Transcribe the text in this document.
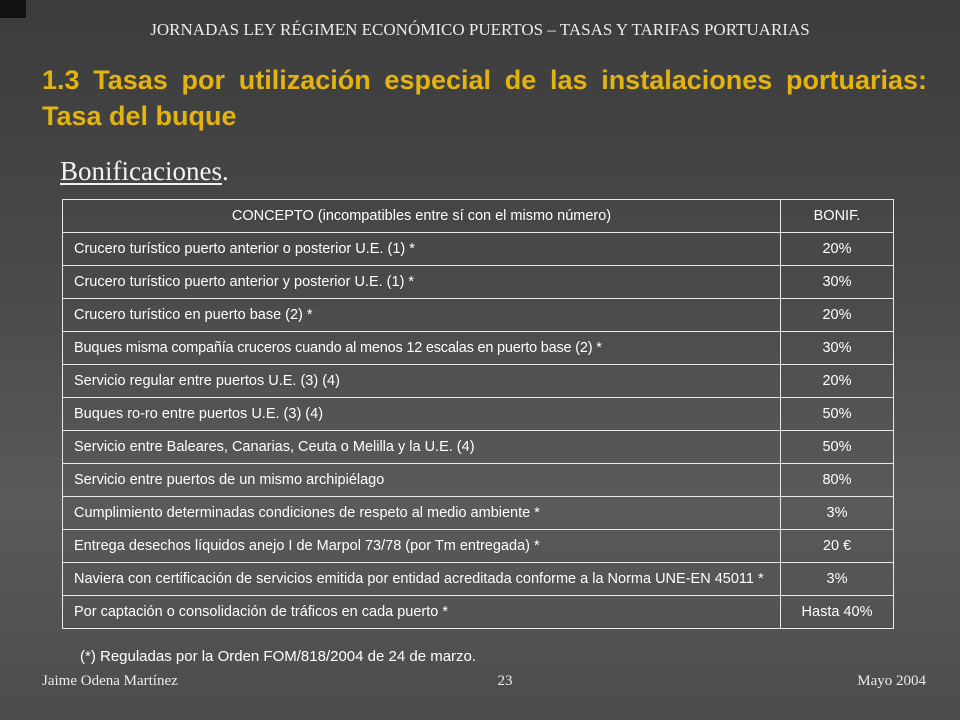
JORNADAS LEY RÉGIMEN ECONÓMICO PUERTOS – TASAS Y TARIFAS PORTUARIAS
1.3 Tasas por utilización especial de las instalaciones portuarias: Tasa del buque
Bonificaciones.
CONCEPTO (incompatibles entre sí con el mismo número)	BONIF.
Crucero turístico puerto anterior o posterior U.E. (1) *	20%
Crucero turístico puerto anterior y posterior U.E. (1) *	30%
Crucero turístico en puerto base (2) *	20%
Buques misma compañía cruceros cuando al menos 12 escalas en puerto base (2) *	30%
Servicio regular entre puertos U.E. (3) (4)	20%
Buques ro-ro entre puertos U.E. (3) (4)	50%
Servicio entre Baleares, Canarias, Ceuta o Melilla y la U.E. (4)	50%
Servicio entre puertos de un mismo archipiélago	80%
Cumplimiento determinadas condiciones de respeto al medio ambiente *	3%
Entrega desechos líquidos anejo I de Marpol 73/78 (por Tm entregada) *	20 €
Naviera con certificación de servicios emitida por entidad acreditada conforme a la Norma UNE-EN 45011 *	3%
Por captación o consolidación de tráficos en cada puerto *	Hasta 40%
(*) Reguladas por la Orden FOM/818/2004 de 24 de marzo.
Jaime Odena Martínez	23	Mayo 2004
